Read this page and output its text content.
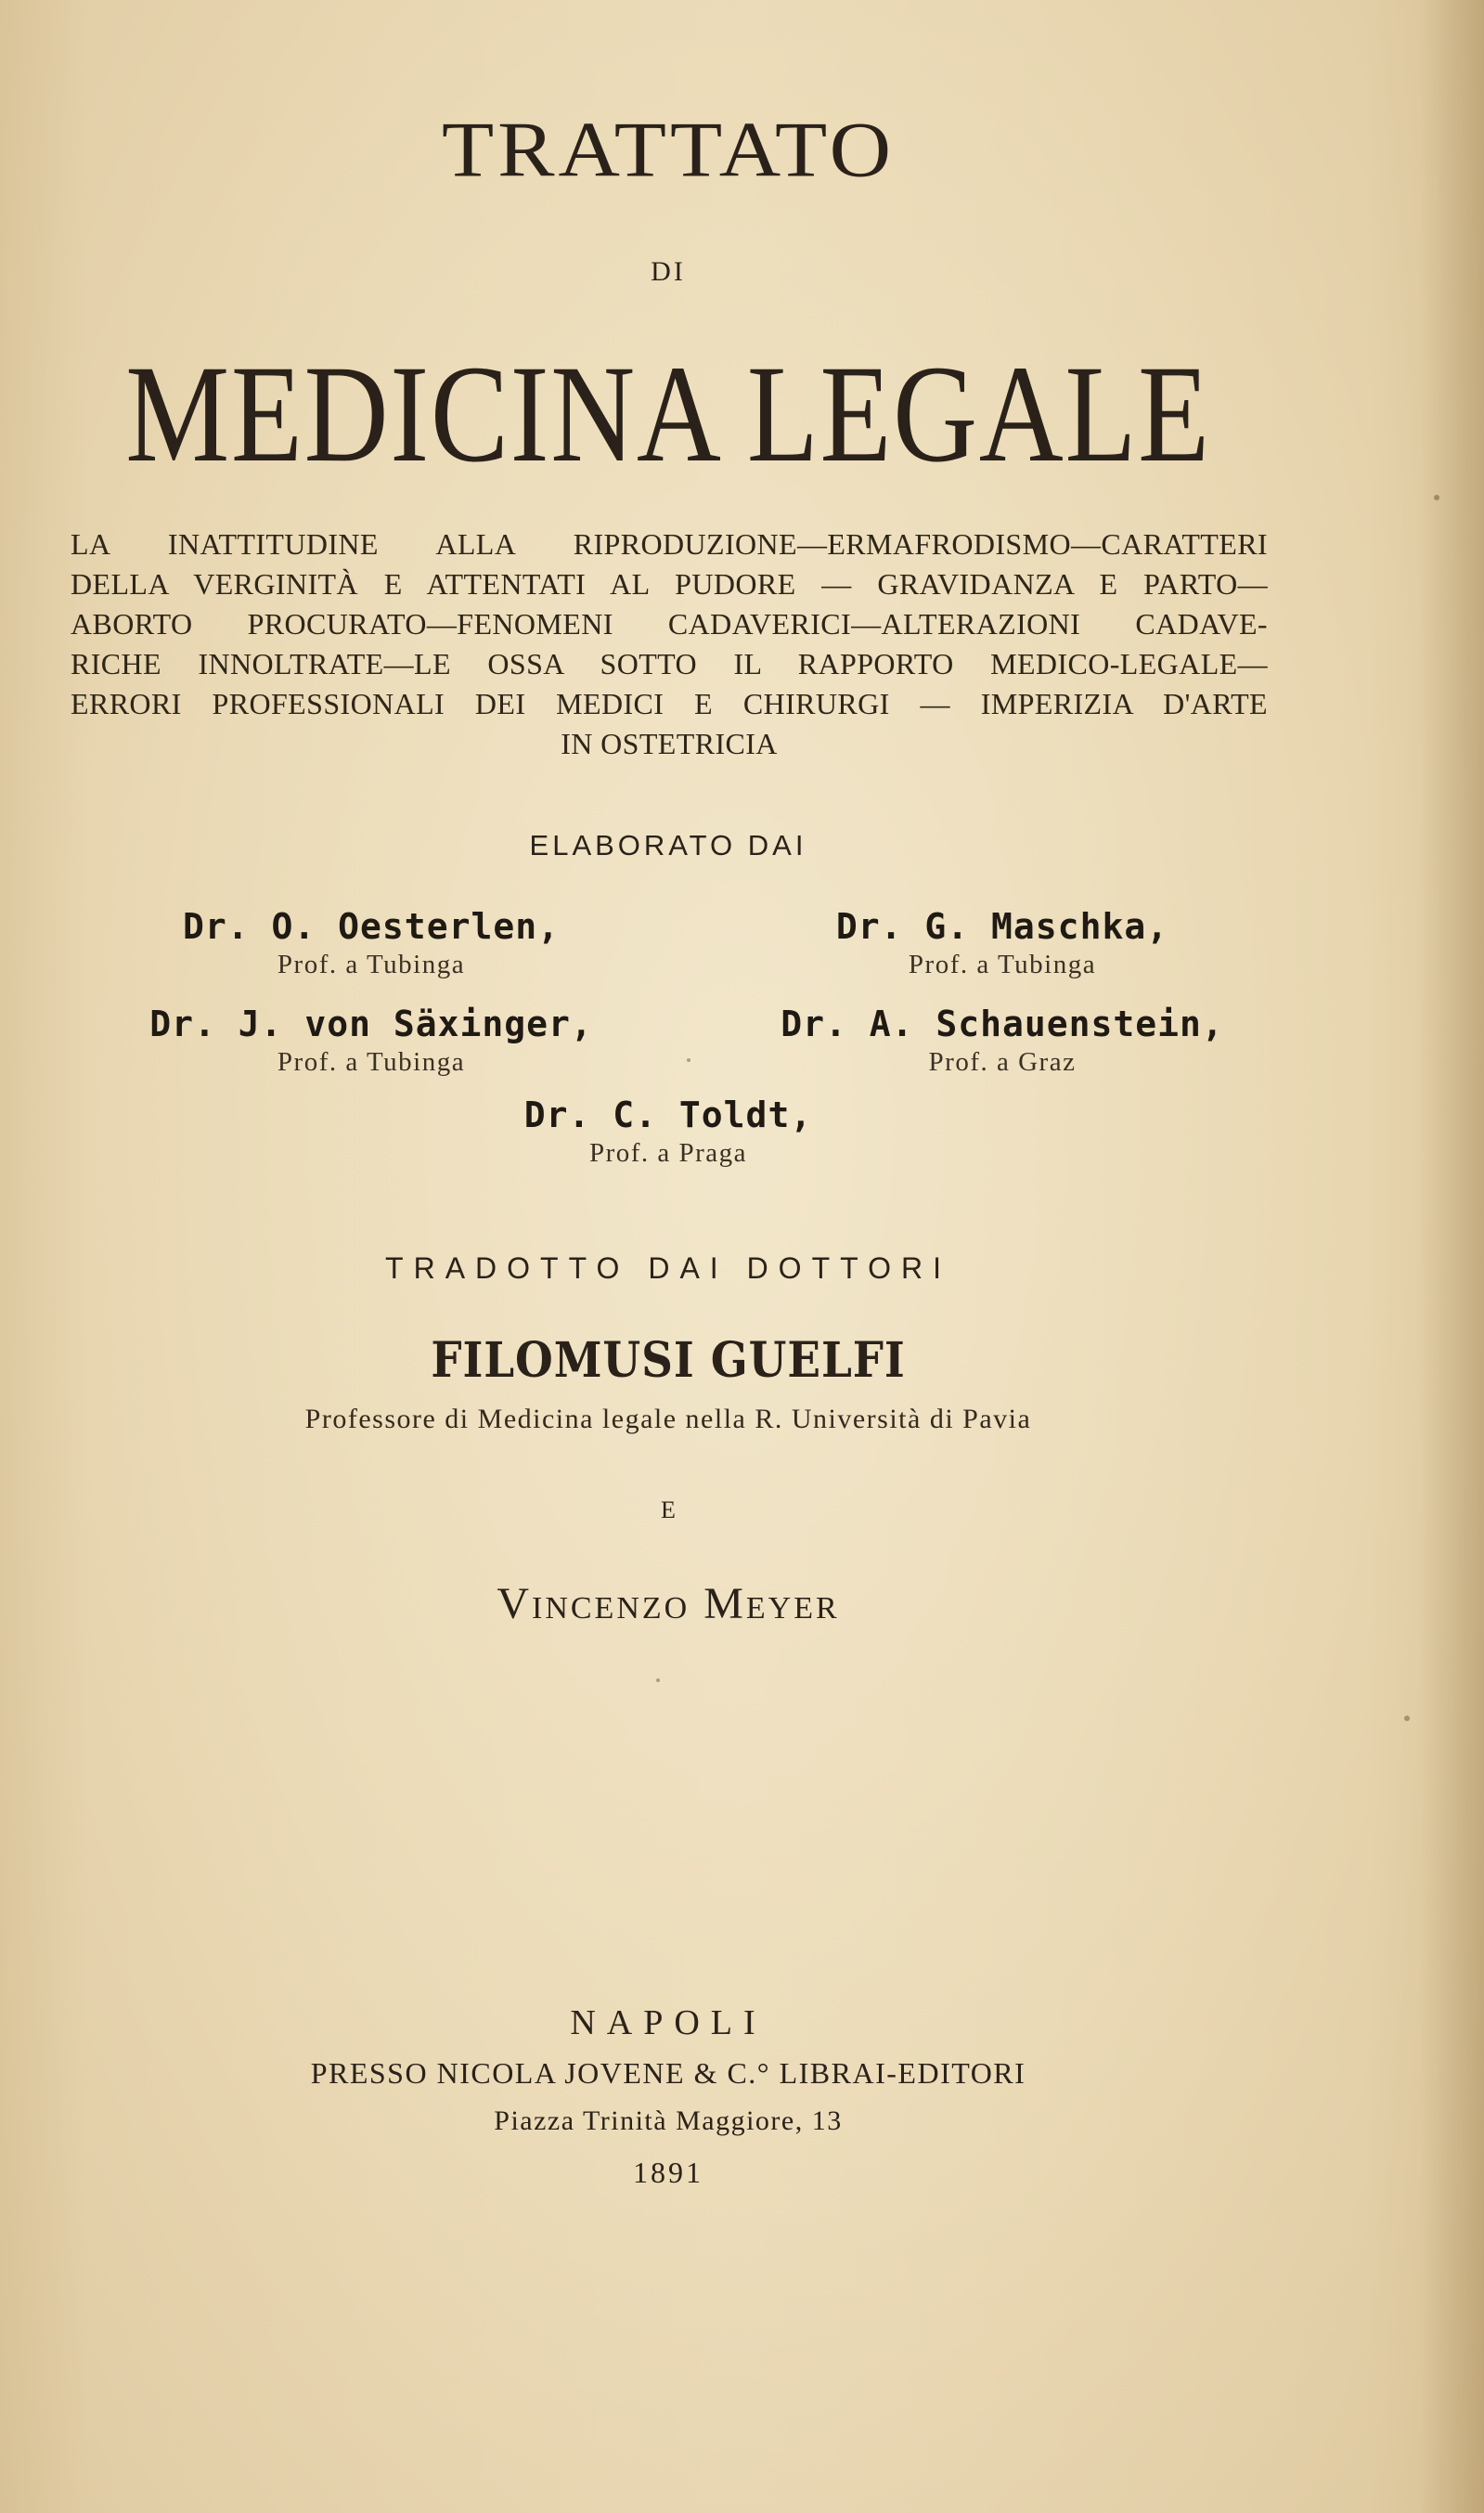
TRATTATO
DI
MEDICINA LEGALE
LA INATTITUDINE ALLA RIPRODUZIONE—ERMAFRODISMO—CARATTERI
DELLA VERGINITÀ E ATTENTATI AL PUDORE — GRAVIDANZA E PARTO—
ABORTO PROCURATO—FENOMENI CADAVERICI—ALTERAZIONI CADAVE-
RICHE INNOLTRATE—LE OSSA SOTTO IL RAPPORTO MEDICO-LEGALE—
ERRORI PROFESSIONALI DEI MEDICI E CHIRURGI — IMPERIZIA D'ARTE
IN OSTETRICIA
ELABORATO DAI
Dr. O. Oesterlen,
Prof. a Tubinga
Dr. G. Maschka,
Prof. a Tubinga
Dr. J. von Säxinger,
Prof. a Tubinga
Dr. A. Schauenstein,
Prof. a Graz
Dr. C. Toldt,
Prof. a Praga
TRADOTTO DAI DOTTORI
FILOMUSI GUELFI
Professore di Medicina legale nella R. Università di Pavia
E
Vincenzo Meyer
NAPOLI
PRESSO NICOLA JOVENE & C.° LIBRAI-EDITORI
Piazza Trinità Maggiore, 13
1891
